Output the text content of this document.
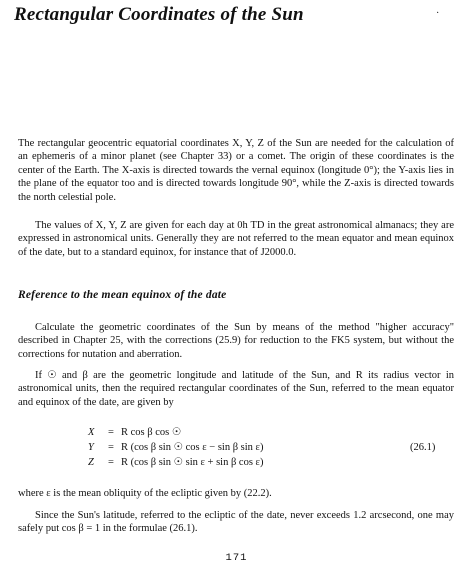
Rectangular Coordinates of the Sun	·

The rectangular geocentric equatorial coordinates X, Y, Z of the Sun are needed for the calculation of an ephemeris of a minor planet (see Chapter 33) or a comet. The origin of these coordinates is the center of the Earth. The X-axis is directed towards the vernal equinox (longitude 0°); the Y-axis lies in the plane of the equator too and is directed towards longitude 90°, while the Z-axis is directed towards the north celestial pole.

The values of X, Y, Z are given for each day at 0h TD in the great astronomical almanacs; they are expressed in astronomical units. Generally they are not referred to the mean equator and mean equinox of the date, but to a standard equinox, for instance that of J2000.0.

Reference to the mean equinox of the date

Calculate the geometric coordinates of the Sun by means of the method "higher accuracy" described in Chapter 25, with the corrections (25.9) for reduction to the FK5 system, but without the corrections for nutation and aberration.

If ☉ and β are the geometric longitude and latitude of the Sun, and R its radius vector in astronomical units, then the required rectangular coordinates of the Sun, referred to the mean equator and equinox of the date, are given by

X	= R cos β cos ☉
Y	= R (cos β sin ☉ cos ε − sin β sin ε)
Z	= R (cos β sin ☉ sin ε + sin β cos ε)
(26.1)

where ε is the mean obliquity of the ecliptic given by (22.2).

Since the Sun's latitude, referred to the ecliptic of the date, never exceeds 1.2 arcsecond, one may safely put cos β = 1 in the formulae (26.1).

171
